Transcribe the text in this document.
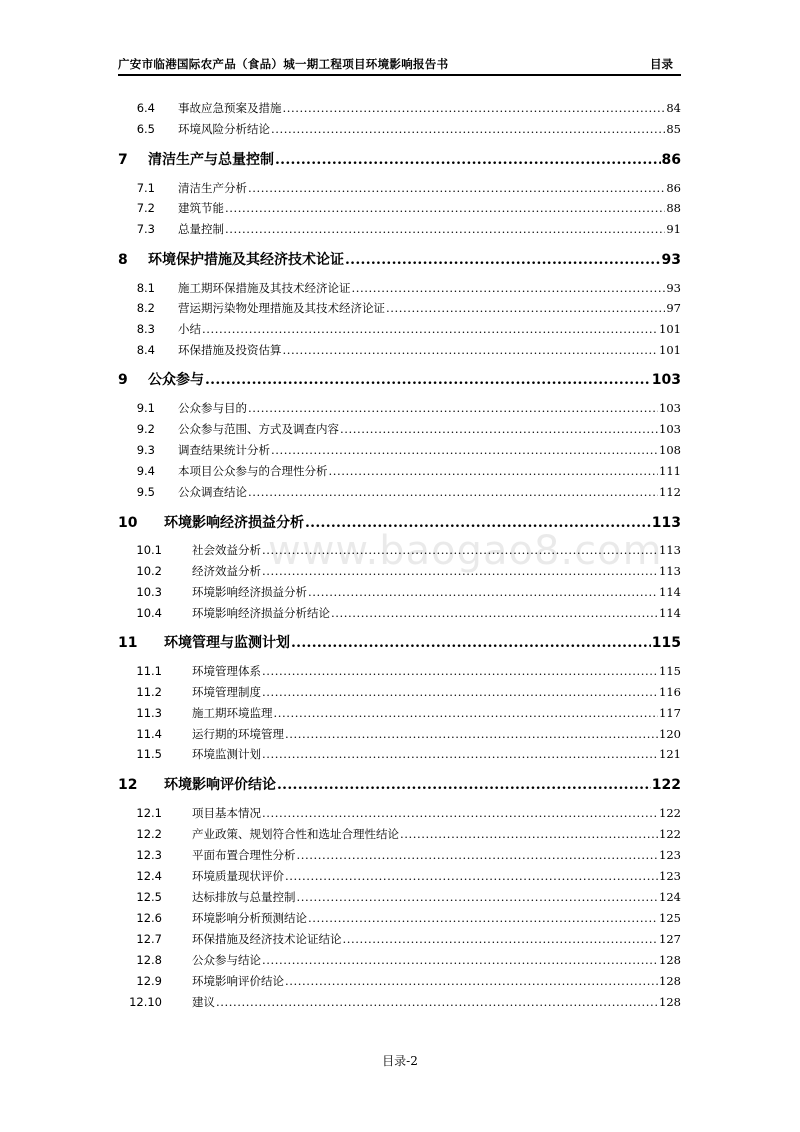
广安市临港国际农产品（食品）城一期工程项目环境影响报告书	目录
www.baogao8.com
6.4 事故应急预案及措施 .....	84
6.5 环境风险分析结论 .....	85
7	清洁生产与总量控制 .....	86
7.1 清洁生产分析 .....	86
7.2 建筑节能 .....	88
7.3 总量控制 .....	91
8	环境保护措施及其经济技术论证 .....	93
8.1 施工期环保措施及其技术经济论证 .....	93
8.2 营运期污染物处理措施及其技术经济论证 .....	97
8.3 小结 .....	101
8.4 环保措施及投资估算 .....	101
9	公众参与 .....	103
9.1 公众参与目的 .....	103
9.2 公众参与范围、方式及调查内容 .....	103
9.3 调查结果统计分析 .....	108
9.4 本项目公众参与的合理性分析 .....	111
9.5 公众调查结论 .....	112
10	环境影响经济损益分析 .....	113
10.1	社会效益分析 .....	113
10.2	经济效益分析 .....	113
10.3	环境影响经济损益分析 .....	114
10.4	环境影响经济损益分析结论 .....	114
11	环境管理与监测计划 .....	115
11.1	环境管理体系 .....	115
11.2	环境管理制度 .....	116
11.3	施工期环境监理 .....	117
11.4	运行期的环境管理 .....	120
11.5	环境监测计划 .....	121
12	环境影响评价结论 .....	122
12.1	项目基本情况 .....	122
12.2	产业政策、规划符合性和选址合理性结论 .....	122
12.3	平面布置合理性分析 .....	123
12.4	环境质量现状评价 .....	123
12.5	达标排放与总量控制 .....	124
12.6	环境影响分析预测结论 .....	125
12.7	环保措施及经济技术论证结论 .....	127
12.8	公众参与结论 .....	128
12.9	环境影响评价结论 .....	128
12.10	建议 .....	128
目录-2
